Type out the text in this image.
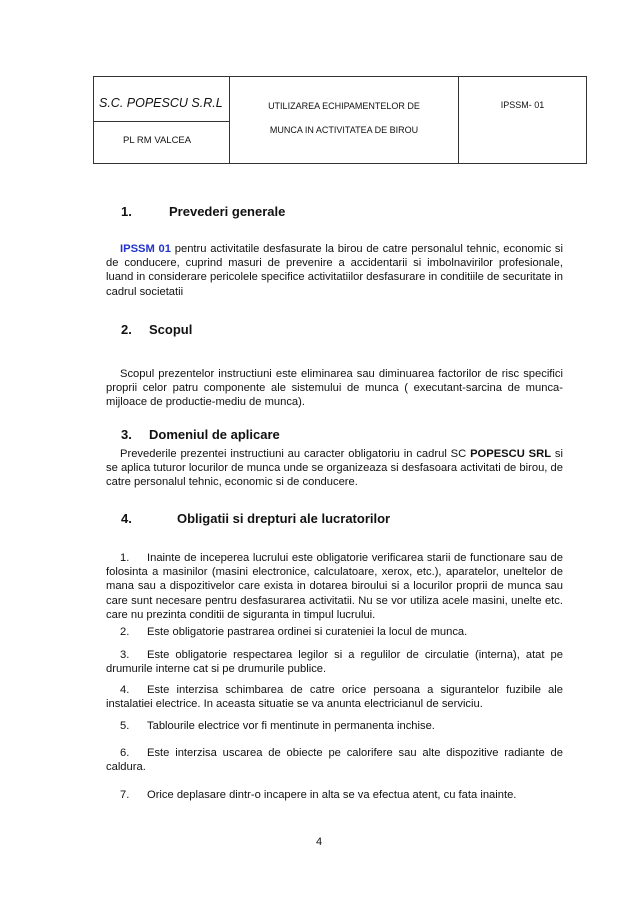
S.C. POPESCU S.R.L
PL RM VALCEA
UTILIZAREA ECHIPAMENTELOR DE
MUNCA IN ACTIVITATEA DE BIROU
IPSSM- 01
1.	Prevederi generale
IPSSM 01 pentru activitatile desfasurate la birou de catre personalul tehnic, economic si de conducere, cuprind masuri de prevenire a accidentarii si imbolnavirilor profesionale, luand in considerare pericolele specifice activitatiilor desfasurare in conditiile de securitate in cadrul societatii
2. Scopul
Scopul prezentelor instructiuni este eliminarea sau diminuarea factorilor de risc specifici proprii celor patru componente ale sistemului de munca ( executant-sarcina de munca-mijloace de productie-mediu de munca).
3. Domeniul de aplicare
Prevederile prezentei instructiuni au caracter obligatoriu in cadrul SC POPESCU SRL si se aplica tuturor locurilor de munca unde se organizeaza si desfasoara activitati de birou, de catre personalul tehnic, economic si de conducere.
4.	Obligatii si drepturi ale lucratorilor
1. Inainte de inceperea lucrului este obligatorie verificarea starii de functionare sau de folosinta a masinilor (masini electronice, calculatoare, xerox, etc.), aparatelor, uneltelor de mana sau a dispozitivelor care exista in dotarea biroului si a locurilor proprii de munca sau care sunt necesare pentru desfasurarea activitatii. Nu se vor utiliza acele masini, unelte etc. care nu prezinta conditii de siguranta in timpul lucrului.
2. Este obligatorie pastrarea ordinei si curateniei la locul de munca.
3. Este obligatorie respectarea legilor si a regulilor de circulatie (interna), atat pe drumurile interne cat si pe drumurile publice.
4. Este interzisa schimbarea de catre orice persoana a sigurantelor fuzibile ale instalatiei electrice. In aceasta situatie se va anunta electricianul de serviciu.
5. Tablourile electrice vor fi mentinute in permanenta inchise.
6. Este interzisa uscarea de obiecte pe calorifere sau alte dispozitive radiante de caldura.
7. Orice deplasare dintr-o incapere in alta se va efectua atent, cu fata inainte.
4
